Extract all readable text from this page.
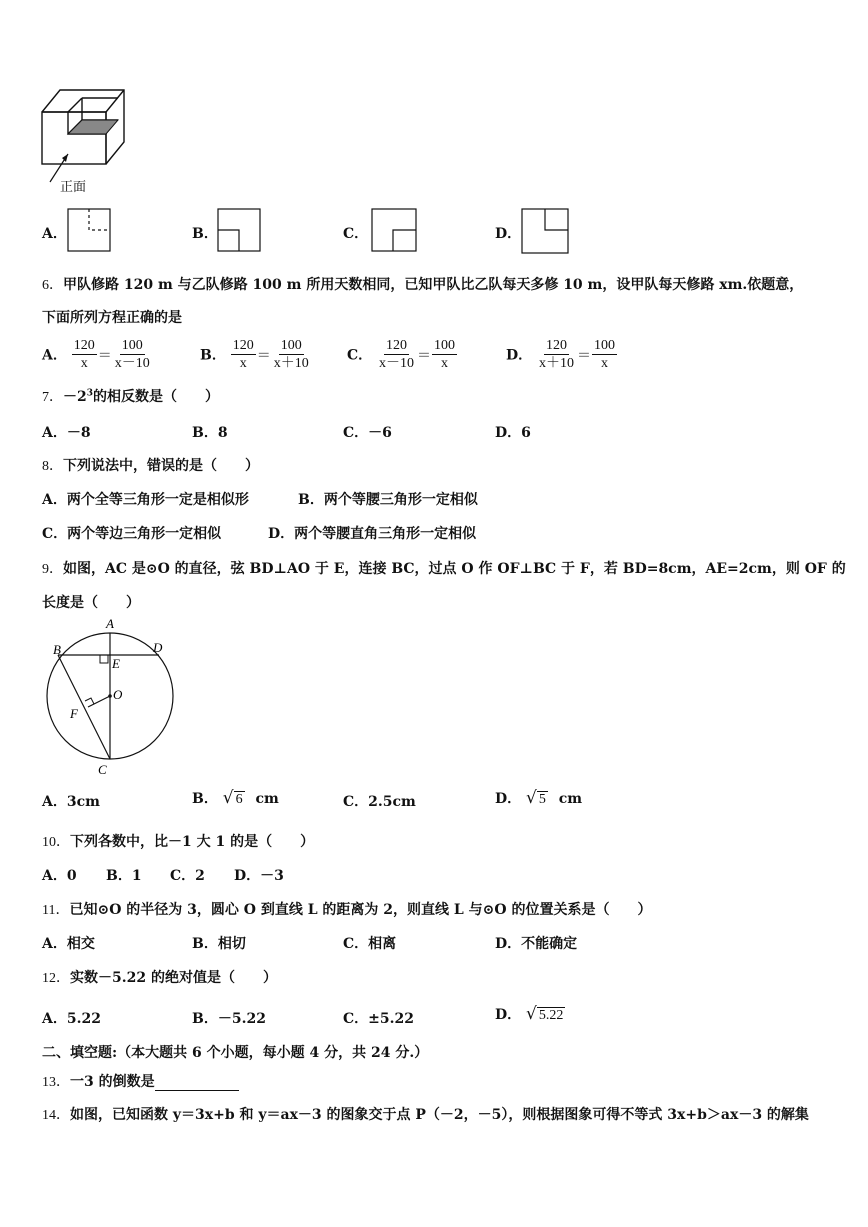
正面
A．	B．	C．	D．
6．甲队修路 120 m 与乙队修路 100 m 所用天数相同，已知甲队比乙队每天多修 10 m，设甲队每天修路 xm.依题意，
下面所列方程正确的是
A． $\frac{120}{x} = \frac{100}{x-10}$	B． $\frac{120}{x} = \frac{100}{x+10}$	C． $\frac{120}{x-10} = \frac{100}{x}$	D． $\frac{120}{x+10} = \frac{100}{x}$
7．$-2^3$的相反数是（　　）
A．－8	B．8	C．－6	D．6
8．下列说法中，错误的是（　　）
A．两个全等三角形一定是相似形	B．两个等腰三角形一定相似
C．两个等边三角形一定相似	D．两个等腰直角三角形一定相似
9．如图，AC 是⊙O 的直径，弦 BD⊥AO 于 E，连接 BC，过点 O 作 OF⊥BC 于 F，若 BD=8cm，AE=2cm，则 OF 的
长度是（　　）
A
B	D
E
O
F
C
A．3cm	B． √ 6 cm	C．2.5cm	D． √ 5 cm
10．下列各数中，比－1 大 1 的是（　　）
A．0 B．1 C．2 D．－3
11．已知⊙O 的半径为 3，圆心 O 到直线 L 的距离为 2，则直线 L 与⊙O 的位置关系是（　　）
A．相交	B．相切	C．相离	D．不能确定
12．实数－5.22 的绝对值是（　　）
A．5.22	B．－5.22	C．±5.22	D． √ 5.22
二、填空题:（本大题共 6 个小题，每小题 4 分，共 24 分.）
13．一3 的倒数是
14．如图，已知函数 y＝3x+b 和 y＝ax－3 的图象交于点 P（－2，－5），则根据图象可得不等式 3x+b＞ax－3 的解集
